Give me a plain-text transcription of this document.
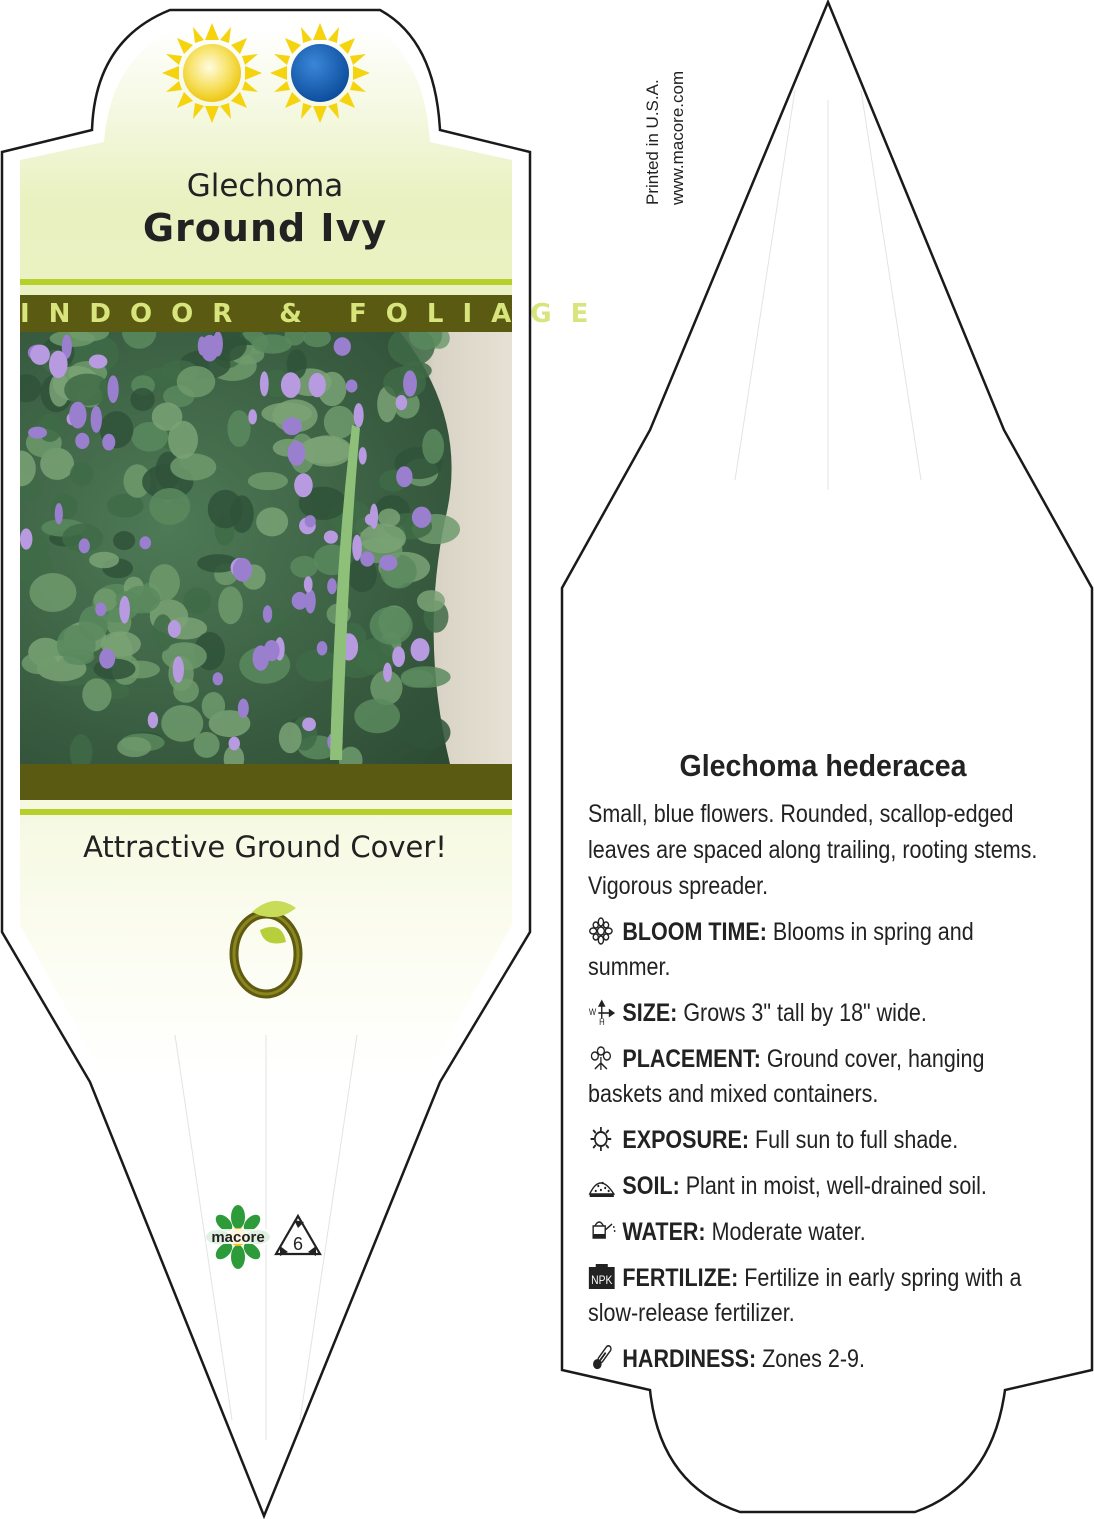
macore 6
Glechoma
Ground Ivy
INDOOR & FOLIAGE
Attractive Ground Cover!
Printed in U.S.A. www.macore.com
Glechoma hederacea
Small, blue flowers. Rounded, scallop-edged leaves are spaced along trailing, rooting stems. Vigorous spreader.
BLOOM TIME: Blooms in spring and summer.
W
H SIZE: Grows 3" tall by 18" wide.
PLACEMENT: Ground cover, hanging baskets and mixed containers.
EXPOSURE: Full sun to full shade.
SOIL: Plant in moist, well-drained soil.
WATER: Moderate water.
NPK FERTILIZE: Fertilize in early spring with a slow-release fertilizer.
HARDINESS: Zones 2-9.
